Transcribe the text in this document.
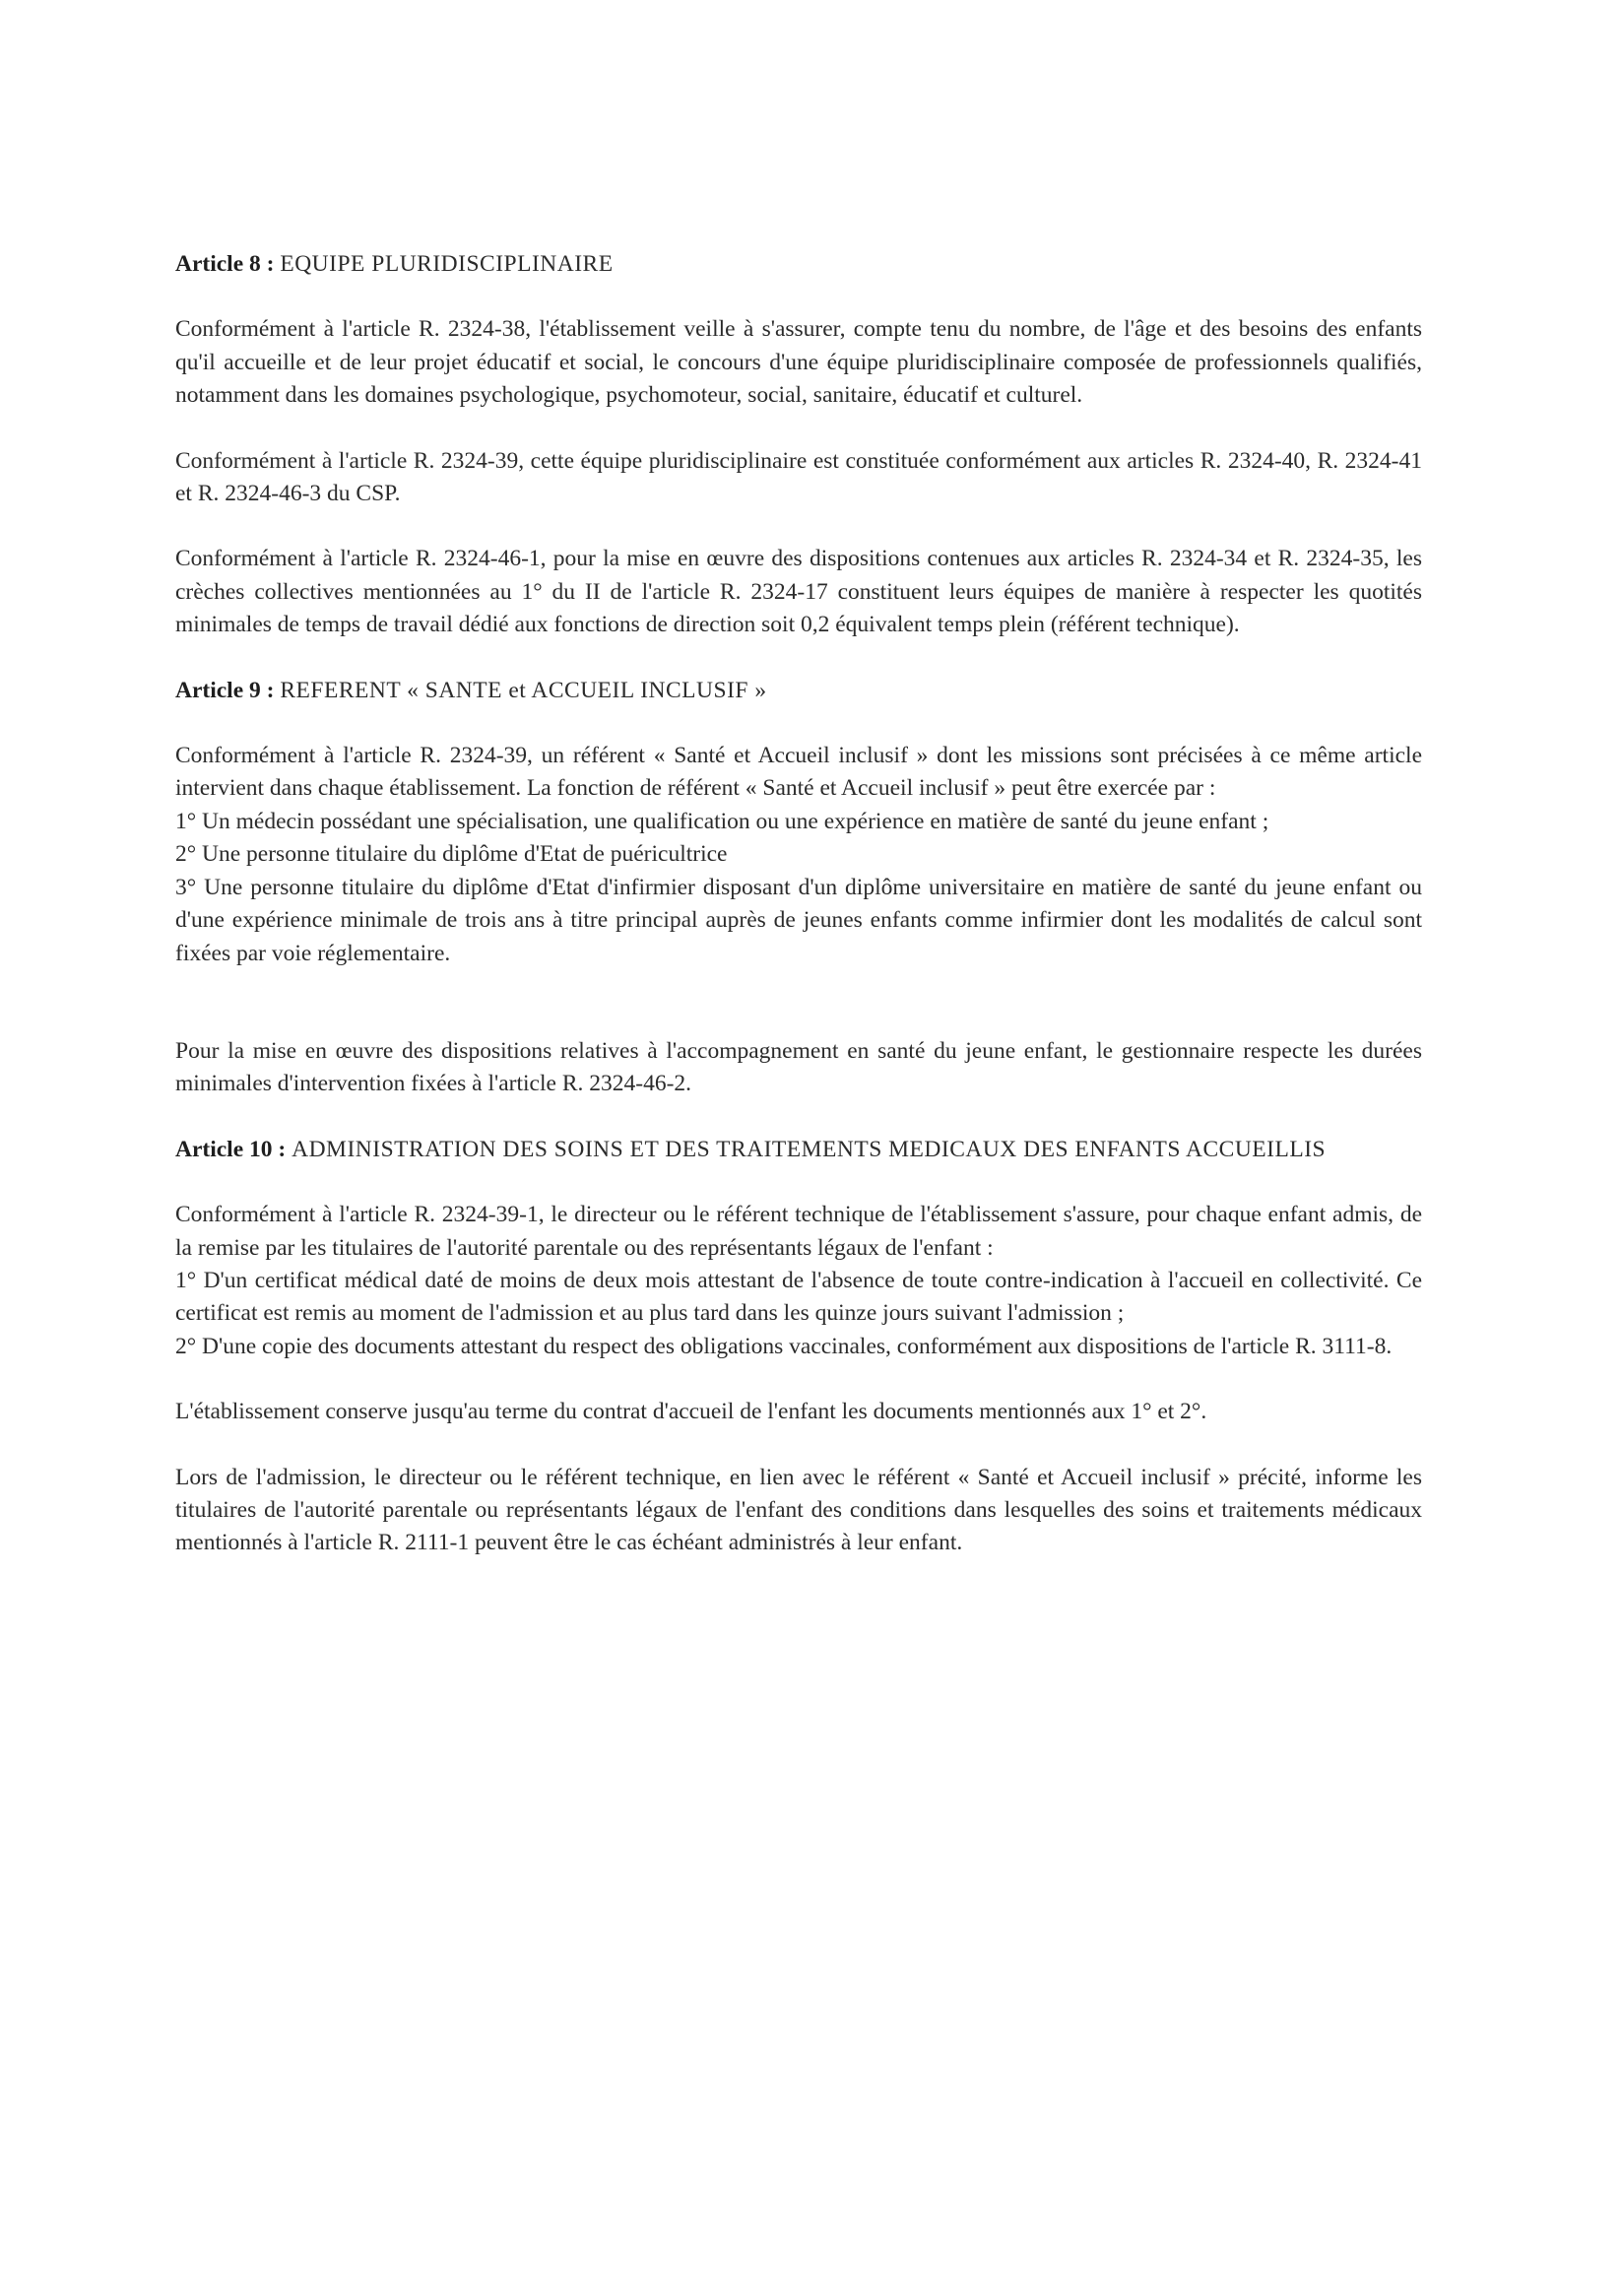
Article 8 : EQUIPE PLURIDISCIPLINAIRE

Conformément à l'article R. 2324-38, l'établissement veille à s'assurer, compte tenu du nombre, de l'âge et des besoins des enfants qu'il accueille et de leur projet éducatif et social, le concours d'une équipe pluridisciplinaire composée de professionnels qualifiés, notamment dans les domaines psychologique, psychomoteur, social, sanitaire, éducatif et culturel.

Conformément à l'article R. 2324-39, cette équipe pluridisciplinaire est constituée conformément aux articles R. 2324-40, R. 2324-41 et R. 2324-46-3 du CSP.

Conformément à l'article R. 2324-46-1, pour la mise en œuvre des dispositions contenues aux articles R. 2324-34 et R. 2324-35, les crèches collectives mentionnées au 1° du II de l'article R. 2324-17 constituent leurs équipes de manière à respecter les quotités minimales de temps de travail dédié aux fonctions de direction soit 0,2 équivalent temps plein (référent technique).

Article 9 : REFERENT « SANTE et ACCUEIL INCLUSIF »

Conformément à l'article R. 2324-39, un référent « Santé et Accueil inclusif » dont les missions sont précisées à ce même article intervient dans chaque établissement. La fonction de référent « Santé et Accueil inclusif » peut être exercée par :

1° Un médecin possédant une spécialisation, une qualification ou une expérience en matière de santé du jeune enfant ;

2° Une personne titulaire du diplôme d'Etat de puéricultrice

3° Une personne titulaire du diplôme d'Etat d'infirmier disposant d'un diplôme universitaire en matière de santé du jeune enfant ou d'une expérience minimale de trois ans à titre principal auprès de jeunes enfants comme infirmier dont les modalités de calcul sont fixées par voie réglementaire.

Pour la mise en œuvre des dispositions relatives à l'accompagnement en santé du jeune enfant, le gestionnaire respecte les durées minimales d'intervention fixées à l'article R. 2324-46-2.

Article 10 : ADMINISTRATION DES SOINS ET DES TRAITEMENTS MEDICAUX DES ENFANTS ACCUEILLIS

Conformément à l'article R. 2324-39-1, le directeur ou le référent technique de l'établissement s'assure, pour chaque enfant admis, de la remise par les titulaires de l'autorité parentale ou des représentants légaux de l'enfant :

1° D'un certificat médical daté de moins de deux mois attestant de l'absence de toute contre-indication à l'accueil en collectivité. Ce certificat est remis au moment de l'admission et au plus tard dans les quinze jours suivant l'admission ;

2° D'une copie des documents attestant du respect des obligations vaccinales, conformément aux dispositions de l'article R. 3111-8.

L'établissement conserve jusqu'au terme du contrat d'accueil de l'enfant les documents mentionnés aux 1° et 2°.

Lors de l'admission, le directeur ou le référent technique, en lien avec le référent « Santé et Accueil inclusif » précité, informe les titulaires de l'autorité parentale ou représentants légaux de l'enfant des conditions dans lesquelles des soins et traitements médicaux mentionnés à l'article R. 2111-1 peuvent être le cas échéant administrés à leur enfant.
